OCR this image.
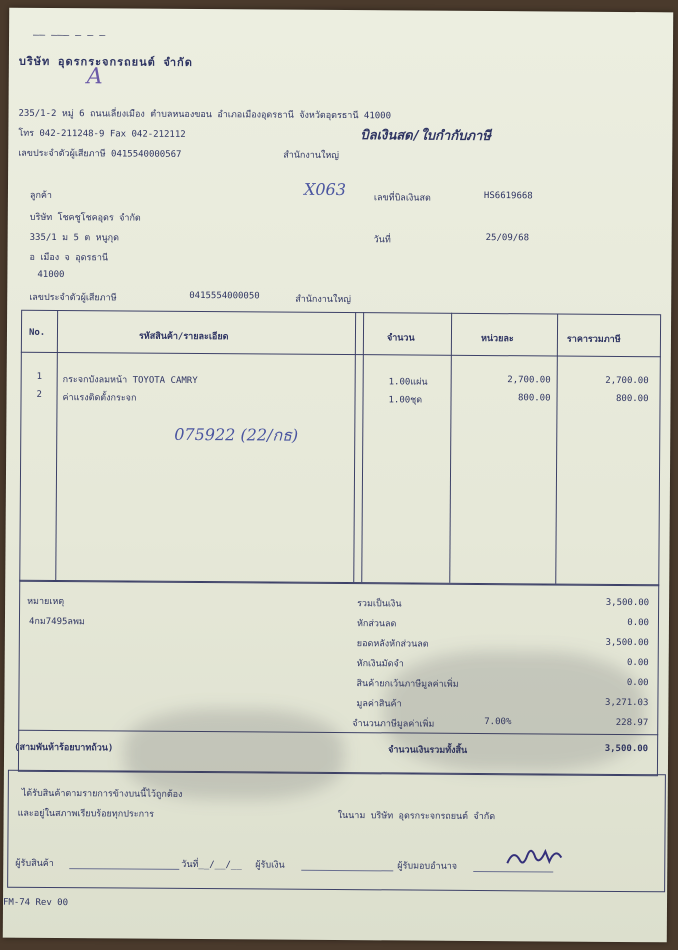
—— ——— — — —
บริษัท อุดรกระจกรถยนต์ จำกัด
A
235/1-2 หมู่ 6 ถนนเลี่ยงเมือง ตำบลหนองขอน อำเภอเมืองอุดรธานี จังหวัดอุดรธานี 41000
โทร 042-211248-9 Fax 042-212112	บิลเงินสด/ใบกำกับภาษี
เลขประจำตัวผู้เสียภาษี 0415540000567	สำนักงานใหญ่
ลูกค้า	X063	เลขที่บิลเงินสด	HS6619668
บริษัท โชคชูโชคอุดร จำกัด
335/1 ม 5 ต หนูกุด	วันที่	25/09/68
อ เมือง จ อุดรธานี
41000
เลขประจำตัวผู้เสียภาษี	0415554000050	สำนักงานใหญ่
No.	รหัสสินค้า/รายละเอียด	จำนวน	หน่วยละ	ราคารวมภาษี
1 กระจกบังลมหน้า TOYOTA CAMRY	1.00แผ่น	2,700.00	2,700.00
2 ค่าแรงติดตั้งกระจก	1.00ชุด	800.00	800.00
075922 (22/กธ)
หมายเหตุ
4กม7495ลพม
รวมเป็นเงิน	3,500.00
หักส่วนลด	0.00
ยอดหลังหักส่วนลด	3,500.00
หักเงินมัดจำ	0.00
สินค้ายกเว้นภาษีมูลค่าเพิ่ม	0.00
มูลค่าสินค้า	3,271.03
จำนวนภาษีมูลค่าเพิ่ม	7.00%	228.97
(สามพันห้าร้อยบาทถ้วน)	จำนวนเงินรวมทั้งสิ้น	3,500.00
ได้รับสินค้าตามรายการข้างบนนี้ไว้ถูกต้อง
และอยู่ในสภาพเรียบร้อยทุกประการ	ในนาม บริษัท อุดรกระจกรถยนต์ จำกัด
ผู้รับสินค้า	วันที่__/__/__ ผู้รับเงิน	ผู้รับมอบอำนาจ
FM-74 Rev 00
